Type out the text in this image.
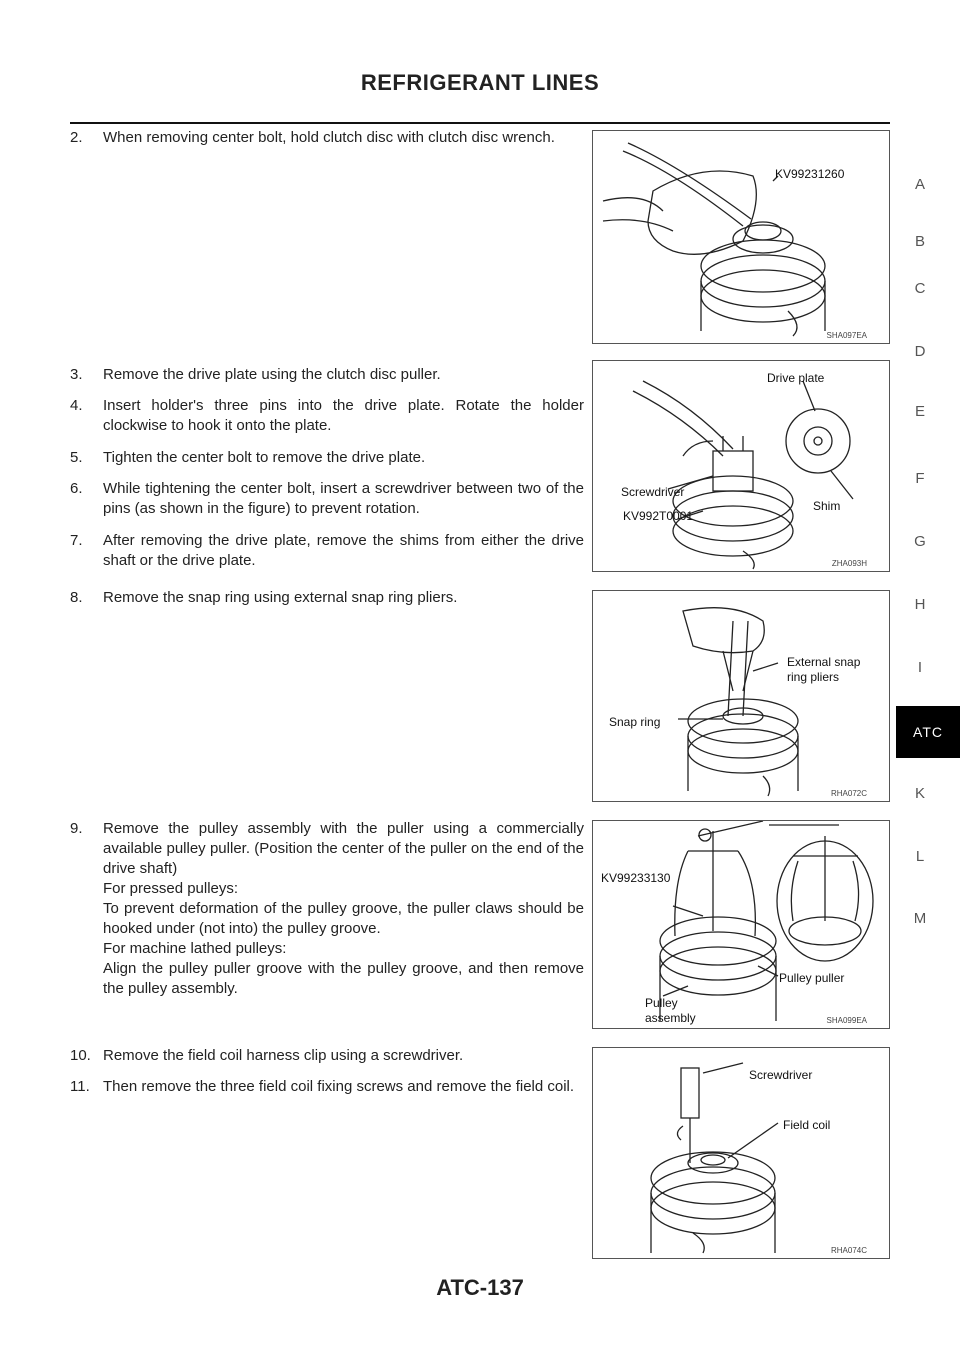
REFRIGERANT LINES
A
B
C
D
E
F
G
H
I
ATC
K
L
M
2. When removing center bolt, hold clutch disc with clutch disc wrench.
3. Remove the drive plate using the clutch disc puller.
4. Insert holder's three pins into the drive plate. Rotate the holder clockwise to hook it onto the plate.
5. Tighten the center bolt to remove the drive plate.
6. While tightening the center bolt, insert a screwdriver between two of the pins (as shown in the figure) to prevent rotation.
7. After removing the drive plate, remove the shims from either the drive shaft or the drive plate.
8. Remove the snap ring using external snap ring pliers.
9. Remove the pulley assembly with the puller using a commercially available pulley puller. (Position the center of the puller on the end of the drive shaft)
For pressed pulleys:
To prevent deformation of the pulley groove, the puller claws should be hooked under (not into) the pulley groove.
For machine lathed pulleys:
Align the pulley puller groove with the pulley groove, and then remove the pulley assembly.
10. Remove the field coil harness clip using a screwdriver.
11. Then remove the three field coil fixing screws and remove the field coil.
KV99231260
SHA097EA
Drive plate
Screwdriver
KV992T0001
Shim
ZHA093H
External snap
ring pliers
Snap ring
RHA072C
KV99233130
Pulley puller
Pulley
assembly	SHA099EA
Screwdriver
Field coil
RHA074C
ATC-137
